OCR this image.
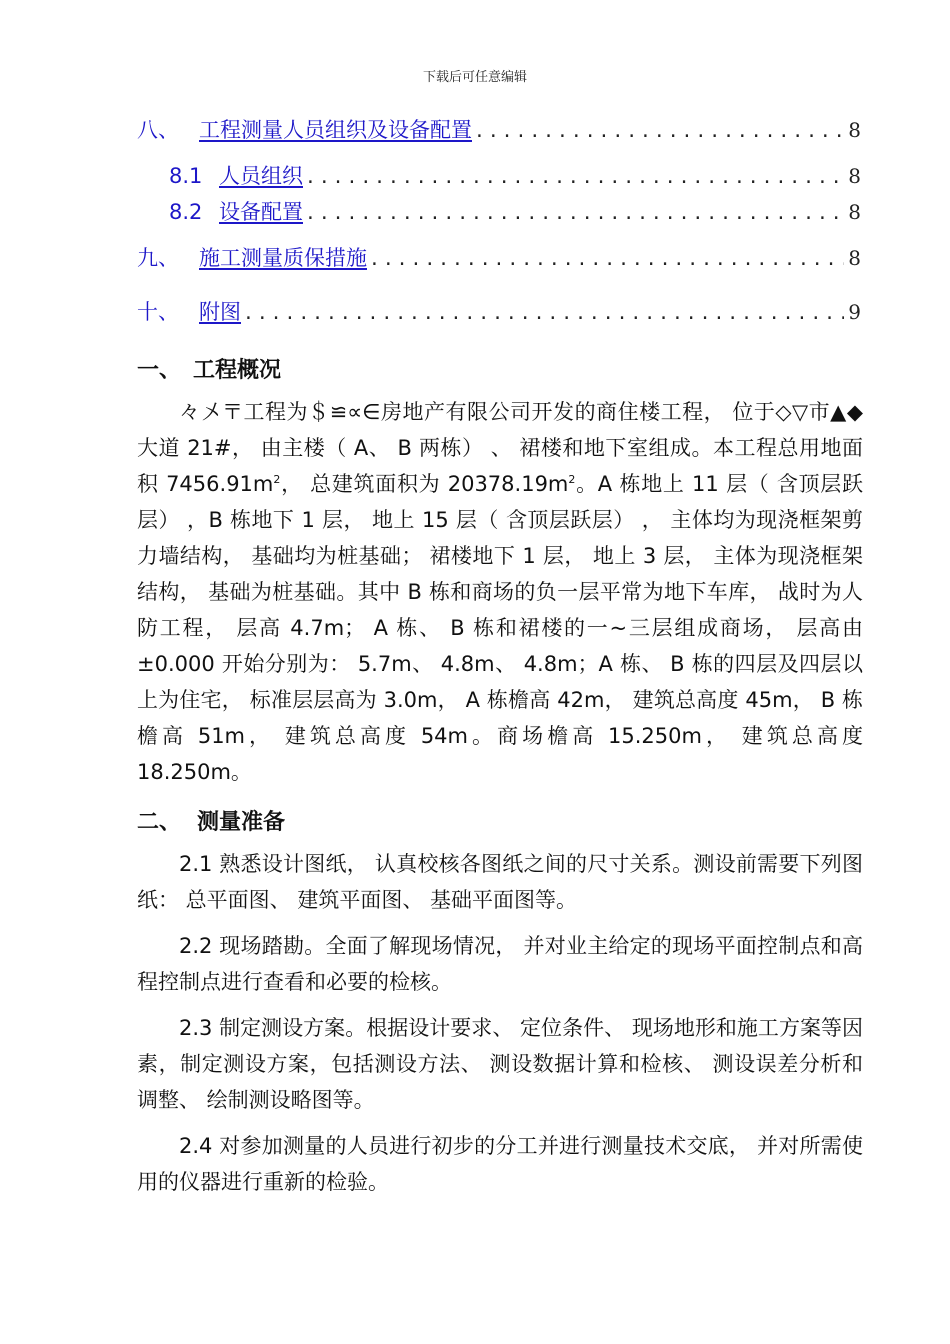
下载后可任意编辑
八、 工程测量人员组织及设备配置 .....	8
8.1 人员组织 .....	8
8.2 设备配置 .....	8
九、 施工测量质保措施 .....	8
十、 附图 .....	9
一、 工程概况
々〤〒工程为＄≌∝∈房地产有限公司开发的商住楼工程， 位于◇▽市▲◆大道 21#， 由主楼（ A、 B 两栋） 、 裙楼和地下室组成。本工程总用地面积 $7456.91m^2$， 总建筑面积为 $20378.19m^2$。A 栋地上 11 层（ 含顶层跃层） ，B 栋地下 1 层， 地上 15 层（ 含顶层跃层） ， 主体均为现浇框架剪力墙结构， 基础均为桩基础； 裙楼地下 1 层， 地上 3 层， 主体为现浇框架结构， 基础为桩基础。其中 B 栋和商场的负一层平常为地下车库， 战时为人防工程， 层高 4.7m； A 栋、 B 栋和裙楼的一~三层组成商场， 层高由±0.000 开始分别为： 5.7m、 4.8m、 4.8m；A 栋、 B 栋的四层及四层以上为住宅， 标准层层高为 3.0m， A 栋檐高 42m， 建筑总高度 45m， B 栋檐高 51m， 建筑总高度 54m。商场檐高 15.250m， 建筑总高度 18.250m。
二、 测量准备
2.1 熟悉设计图纸， 认真校核各图纸之间的尺寸关系。测设前需要下列图纸： 总平面图、 建筑平面图、 基础平面图等。
2.2 现场踏勘。全面了解现场情况， 并对业主给定的现场平面控制点和高程控制点进行查看和必要的检核。
2.3 制定测设方案。根据设计要求、 定位条件、 现场地形和施工方案等因素，制定测设方案，包括测设方法、 测设数据计算和检核、 测设误差分析和调整、 绘制测设略图等。
2.4 对参加测量的人员进行初步的分工并进行测量技术交底， 并对所需使用的仪器进行重新的检验。
